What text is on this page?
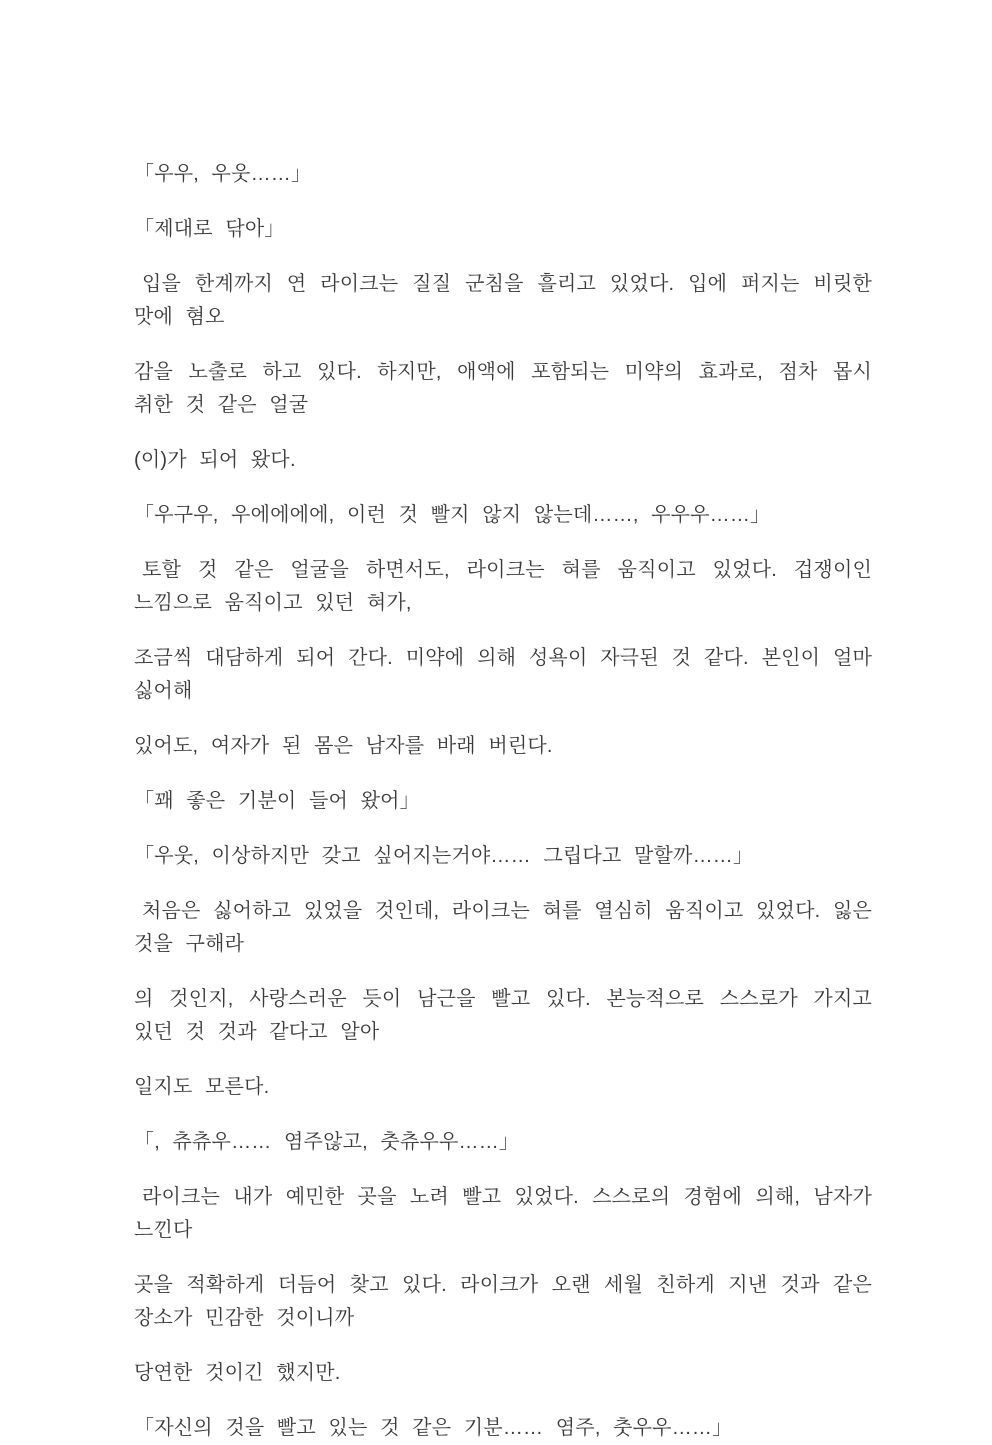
「우우, 우웃……」

「제대로 닦아」

입을 한계까지 연 라이크는 질질 군침을 흘리고 있었다. 입에 퍼지는 비릿한 맛에 혐오

감을 노출로 하고 있다. 하지만, 애액에 포함되는 미약의 효과로, 점차 몹시 취한 것 같은 얼굴

(이)가 되어 왔다.

「우구우, 우에에에에, 이런 것 빨지 않지 않는데……, 우우우……」

토할 것 같은 얼굴을 하면서도, 라이크는 혀를 움직이고 있었다. 겁쟁이인 느낌으로 움직이고 있던 혀가,

조금씩 대담하게 되어 간다. 미약에 의해 성욕이 자극된 것 같다. 본인이 얼마 싫어해

있어도, 여자가 된 몸은 남자를 바래 버린다.

「꽤 좋은 기분이 들어 왔어」

「우웃, 이상하지만 갖고 싶어지는거야…… 그립다고 말할까……」

처음은 싫어하고 있었을 것인데, 라이크는 혀를 열심히 움직이고 있었다. 잃은 것을 구해라

의 것인지, 사랑스러운 듯이 남근을 빨고 있다. 본능적으로 스스로가 가지고 있던 것 것과 같다고 알아

일지도 모른다.

「, 츄츄우…… 염주않고, 춧츄우우……」

라이크는 내가 예민한 곳을 노려 빨고 있었다. 스스로의 경험에 의해, 남자가 느낀다

곳을 적확하게 더듬어 찾고 있다. 라이크가 오랜 세월 친하게 지낸 것과 같은 장소가 민감한 것이니까

당연한 것이긴 했지만.

「자신의 것을 빨고 있는 것 같은 기분…… 염주, 춧우우……」
